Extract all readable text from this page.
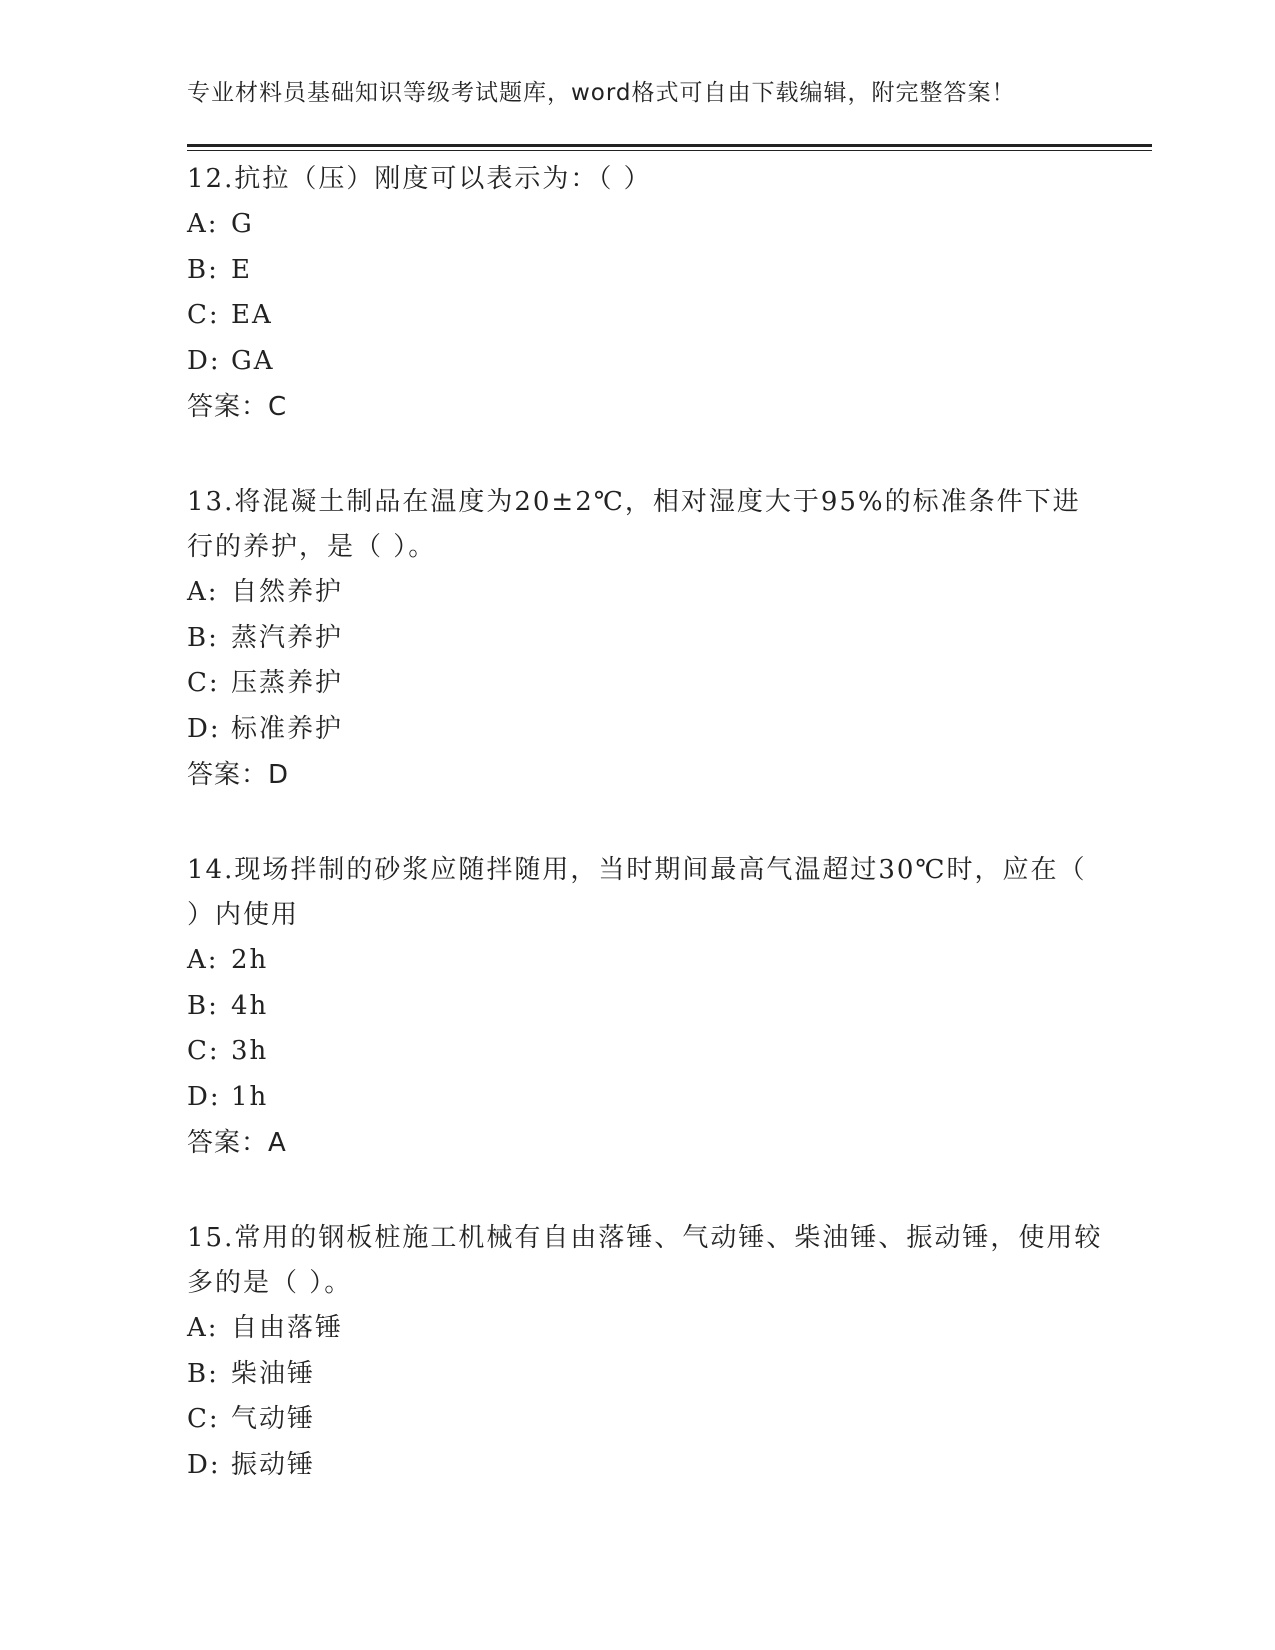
专业材料员基础知识等级考试题库，word格式可自由下载编辑，附完整答案！
12.抗拉（压）刚度可以表示为：（ ）
A: G
B: E
C: EA
D: GA
答案：C
13.将混凝土制品在温度为20±2℃，相对湿度大于95%的标准条件下进行的养护，是（ ）。
A: 自然养护
B: 蒸汽养护
C: 压蒸养护
D: 标准养护
答案：D
14.现场拌制的砂浆应随拌随用，当时期间最高气温超过30℃时，应在（ ）内使用
A: 2h
B: 4h
C: 3h
D: 1h
答案：A
15.常用的钢板桩施工机械有自由落锤、气动锤、柴油锤、振动锤，使用较多的是（ ）。
A: 自由落锤
B: 柴油锤
C: 气动锤
D: 振动锤
